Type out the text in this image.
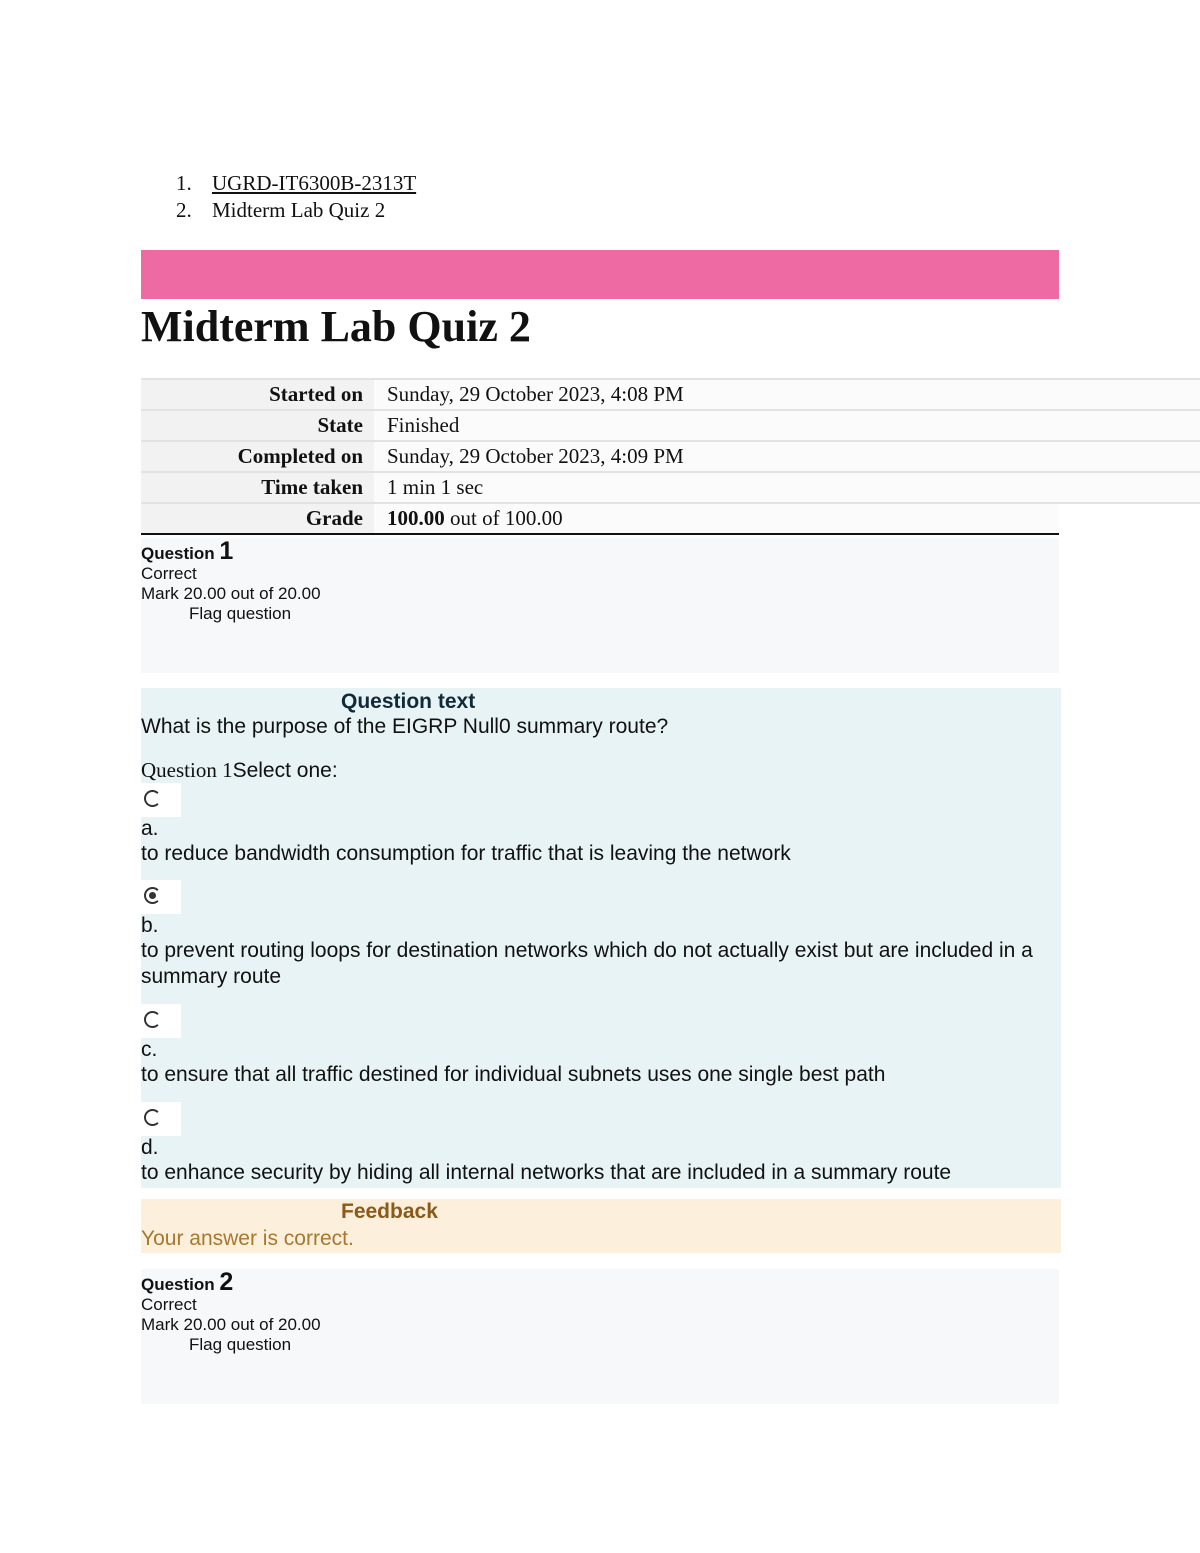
1. UGRD-IT6300B-2313T
2. Midterm Lab Quiz 2
Midterm Lab Quiz 2
Started on	Sunday, 29 October 2023, 4:08 PM
State	Finished
Completed on	Sunday, 29 October 2023, 4:09 PM
Time taken	1 min 1 sec
Grade	100.00 out of 100.00
Question 1
Correct
Mark 20.00 out of 20.00
Flag question
Question text
What is the purpose of the EIGRP Null0 summary route?
Question 1Select one:
a.
to reduce bandwidth consumption for traffic that is leaving the network
b.
to prevent routing loops for destination networks which do not actually exist but are included in a summary route
c.
to ensure that all traffic destined for individual subnets uses one single best path
d.
to enhance security by hiding all internal networks that are included in a summary route
Feedback
Your answer is correct.
Question 2
Correct
Mark 20.00 out of 20.00
Flag question
